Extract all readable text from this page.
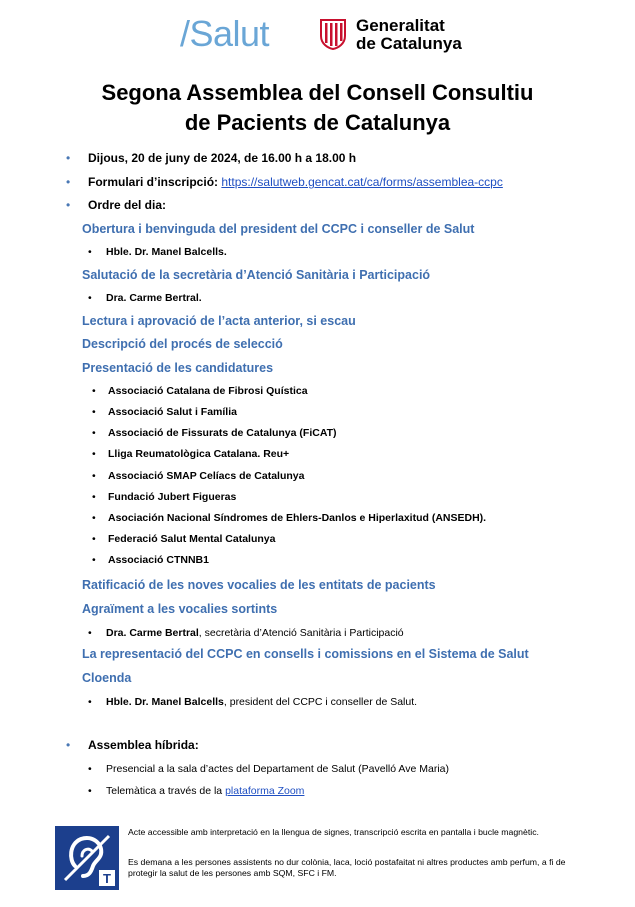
/Salut	Generalitat
de Catalunya
Segona Assemblea del Consell Consultiu
de Pacients de Catalunya
•	Dijous, 20 de juny de 2024, de 16.00 h a 18.00 h
•	Formulari d’inscripció:
https://salutweb.gencat.cat/ca/forms/assemblea-ccpc
•	Ordre del dia:
Obertura i benvinguda del president del CCPC i conseller de Salut
•	Hble. Dr. Manel Balcells.
Salutació de la secretària d’Atenció Sanitària i Participació
•	Dra. Carme Bertral.
Lectura i aprovació de l’acta anterior, si escau
Descripció del procés de selecció
Presentació de les candidatures
•	Associació Catalana de Fibrosi Quística
•	Associació Salut i Família
•	Associació de Fissurats de Catalunya (FiCAT)
•	Lliga Reumatològica Catalana. Reu+
•	Associació SMAP Celíacs de Catalunya
•	Fundació Jubert Figueras
•	Asociación Nacional Síndromes de Ehlers-Danlos e Hiperlaxitud (ANSEDH).
•	Federació Salut Mental Catalunya
•	Associació CTNNB1
Ratificació de les noves vocalies de les entitats de pacients
Agraïment a les vocalies sortints
•	Dra. Carme Bertral , secretària d’Atenció Sanitària i Participació
La representació del CCPC en consells i comissions en el Sistema de Salut
Cloenda
•	Hble. Dr. Manel Balcells , president del CCPC i conseller de Salut.
•	Assemblea híbrida:
•	Presencial a la sala d’actes del Departament de Salut (Pavelló Ave Maria)
•	Telemàtica a través de la plataforma Zoom
T
Acte accessible amb interpretació en la llengua de signes, transcripció escrita en pantalla i bucle magnètic.
Es demana a les persones assistents no dur colònia, laca, loció postafaitat ni altres productes amb perfum, a fi de protegir la salut de les persones amb SQM, SFC i FM.
